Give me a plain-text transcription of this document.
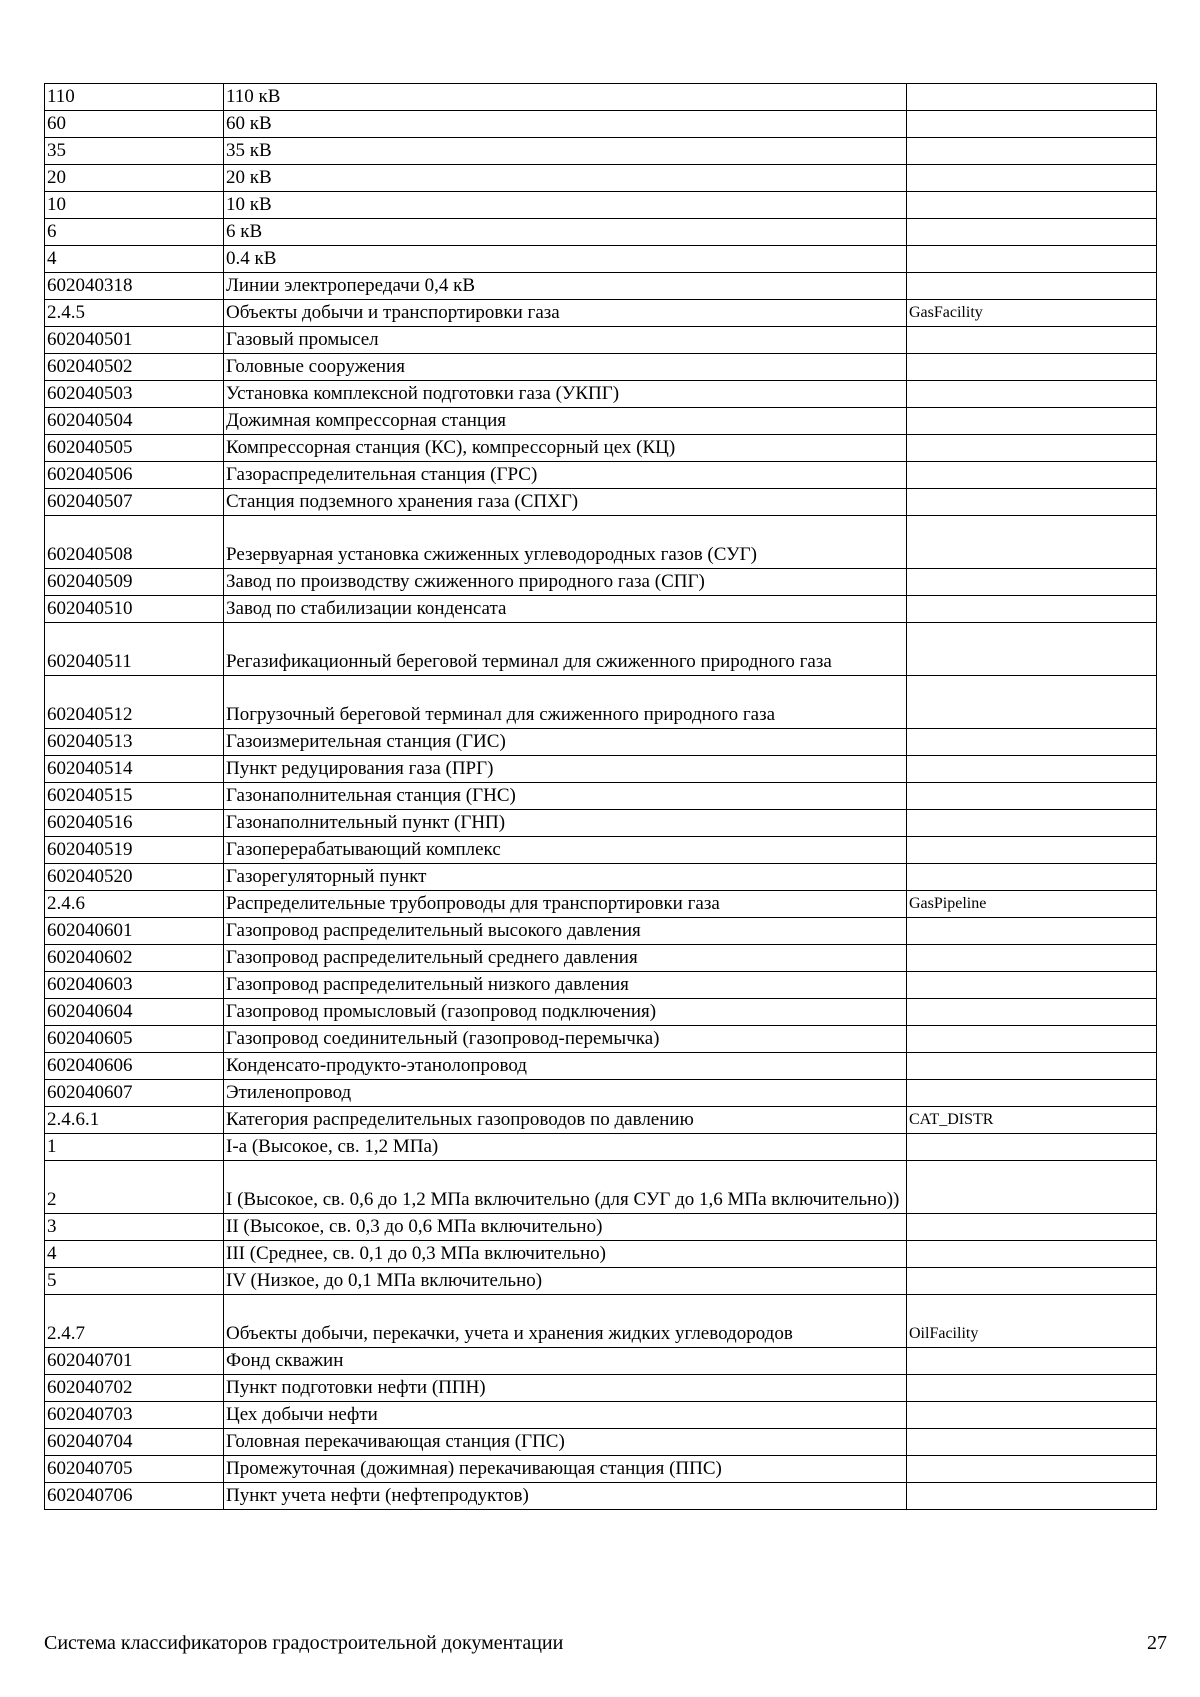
110	110 кВ	
60	60 кВ	
35	35 кВ	
20	20 кВ	
10	10 кВ	
6	6 кВ	
4	0.4 кВ	
602040318	Линии электропередачи 0,4 кВ	
2.4.5	Объекты добычи и транспортировки газа	GasFacility
602040501	Газовый промысел	
602040502	Головные сооружения	
602040503	Установка комплексной подготовки газа (УКПГ)	
602040504	Дожимная компрессорная станция	
602040505	Компрессорная станция (КС), компрессорный цех (КЦ)	
602040506	Газораспределительная станция (ГРС)	
602040507	Станция подземного хранения газа (СПХГ)	
602040508	Резервуарная установка сжиженных углеводородных газов (СУГ)	
602040509	Завод по производству сжиженного природного газа (СПГ)	
602040510	Завод по стабилизации конденсата	
602040511	Регазификационный береговой терминал для сжиженного природного газа	
602040512	Погрузочный береговой терминал для сжиженного природного газа	
602040513	Газоизмерительная станция (ГИС)	
602040514	Пункт редуцирования газа (ПРГ)	
602040515	Газонаполнительная станция (ГНС)	
602040516	Газонаполнительный пункт (ГНП)	
602040519	Газоперерабатывающий комплекс	
602040520	Газорегуляторный пункт	
2.4.6	Распределительные трубопроводы для транспортировки газа	GasPipeline
602040601	Газопровод распределительный высокого давления	
602040602	Газопровод распределительный среднего давления	
602040603	Газопровод распределительный низкого давления	
602040604	Газопровод промысловый (газопровод подключения)	
602040605	Газопровод соединительный (газопровод-перемычка)	
602040606	Конденсато-продукто-этанолопровод	
602040607	Этиленопровод	
2.4.6.1	Категория распределительных газопроводов по давлению	CAT_DISTR
1	I-а (Высокое, св. 1,2 МПа)	
2	I (Высокое, св. 0,6 до 1,2 МПа включительно (для СУГ до 1,6 МПа включительно))	
3	II (Высокое, св. 0,3 до 0,6 МПа включительно)	
4	III (Среднее, св. 0,1 до 0,3 МПа включительно)	
5	IV (Низкое, до 0,1 МПа включительно)	
2.4.7	Объекты добычи, перекачки, учета и хранения жидких углеводородов	OilFacility
602040701	Фонд скважин	
602040702	Пункт подготовки нефти (ППН)	
602040703	Цех добычи нефти	
602040704	Головная перекачивающая станция (ГПС)	
602040705	Промежуточная (дожимная) перекачивающая станция (ППС)	
602040706	Пункт учета нефти (нефтепродуктов)	
Система классификаторов градостроительной документации	27
